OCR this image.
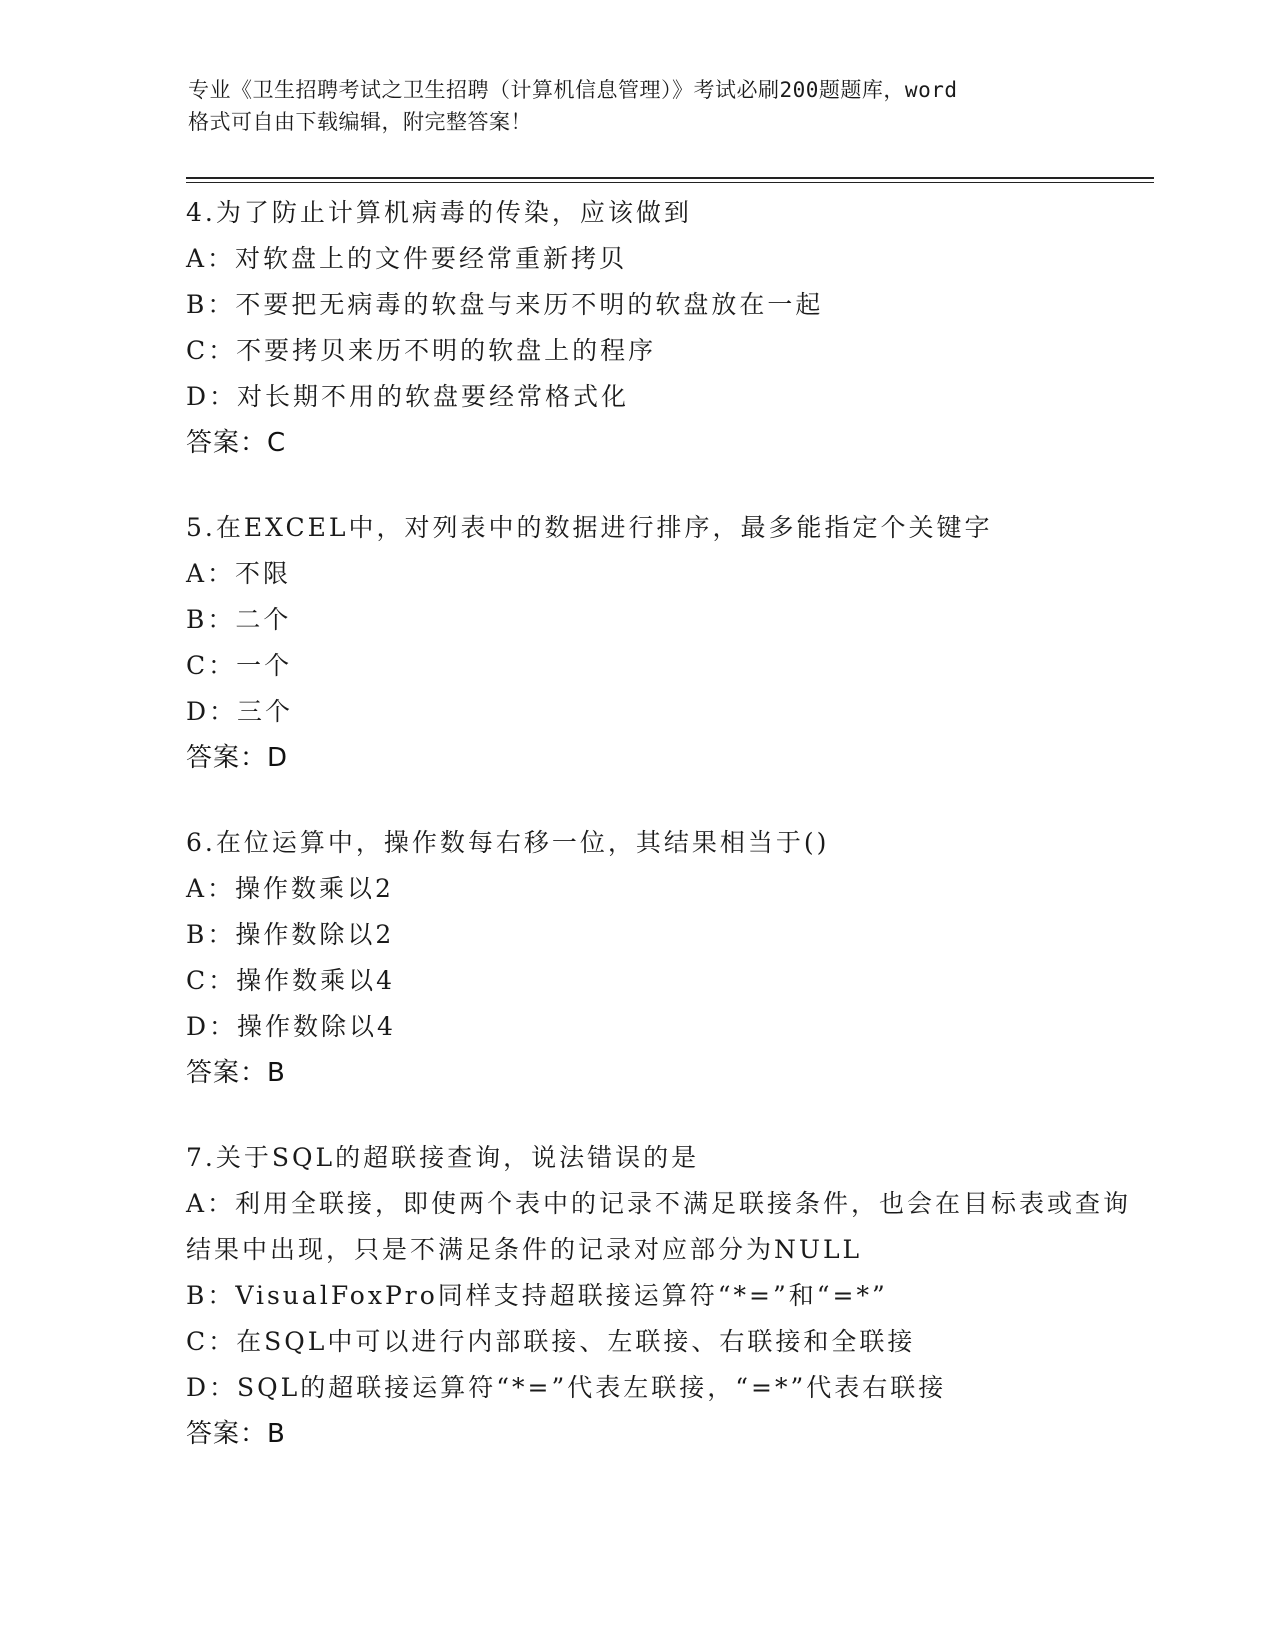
专业《卫生招聘考试之卫生招聘（计算机信息管理）》考试必刷200题题库，word
格式可自由下载编辑，附完整答案！
4.为了防止计算机病毒的传染，应该做到
A：对软盘上的文件要经常重新拷贝
B：不要把无病毒的软盘与来历不明的软盘放在一起
C：不要拷贝来历不明的软盘上的程序
D：对长期不用的软盘要经常格式化
答案：C
5.在EXCEL中，对列表中的数据进行排序，最多能指定个关键字
A：不限
B：二个
C：一个
D：三个
答案：D
6.在位运算中，操作数每右移一位，其结果相当于()
A：操作数乘以2
B：操作数除以2
C：操作数乘以4
D：操作数除以4
答案：B
7.关于SQL的超联接查询，说法错误的是
A：利用全联接，即使两个表中的记录不满足联接条件，也会在目标表或查询结果中出现，只是不满足条件的记录对应部分为NULL
B：VisualFoxPro同样支持超联接运算符“*=”和“=*”
C：在SQL中可以进行内部联接、左联接、右联接和全联接
D：SQL的超联接运算符“*=”代表左联接，“=*”代表右联接
答案：B
